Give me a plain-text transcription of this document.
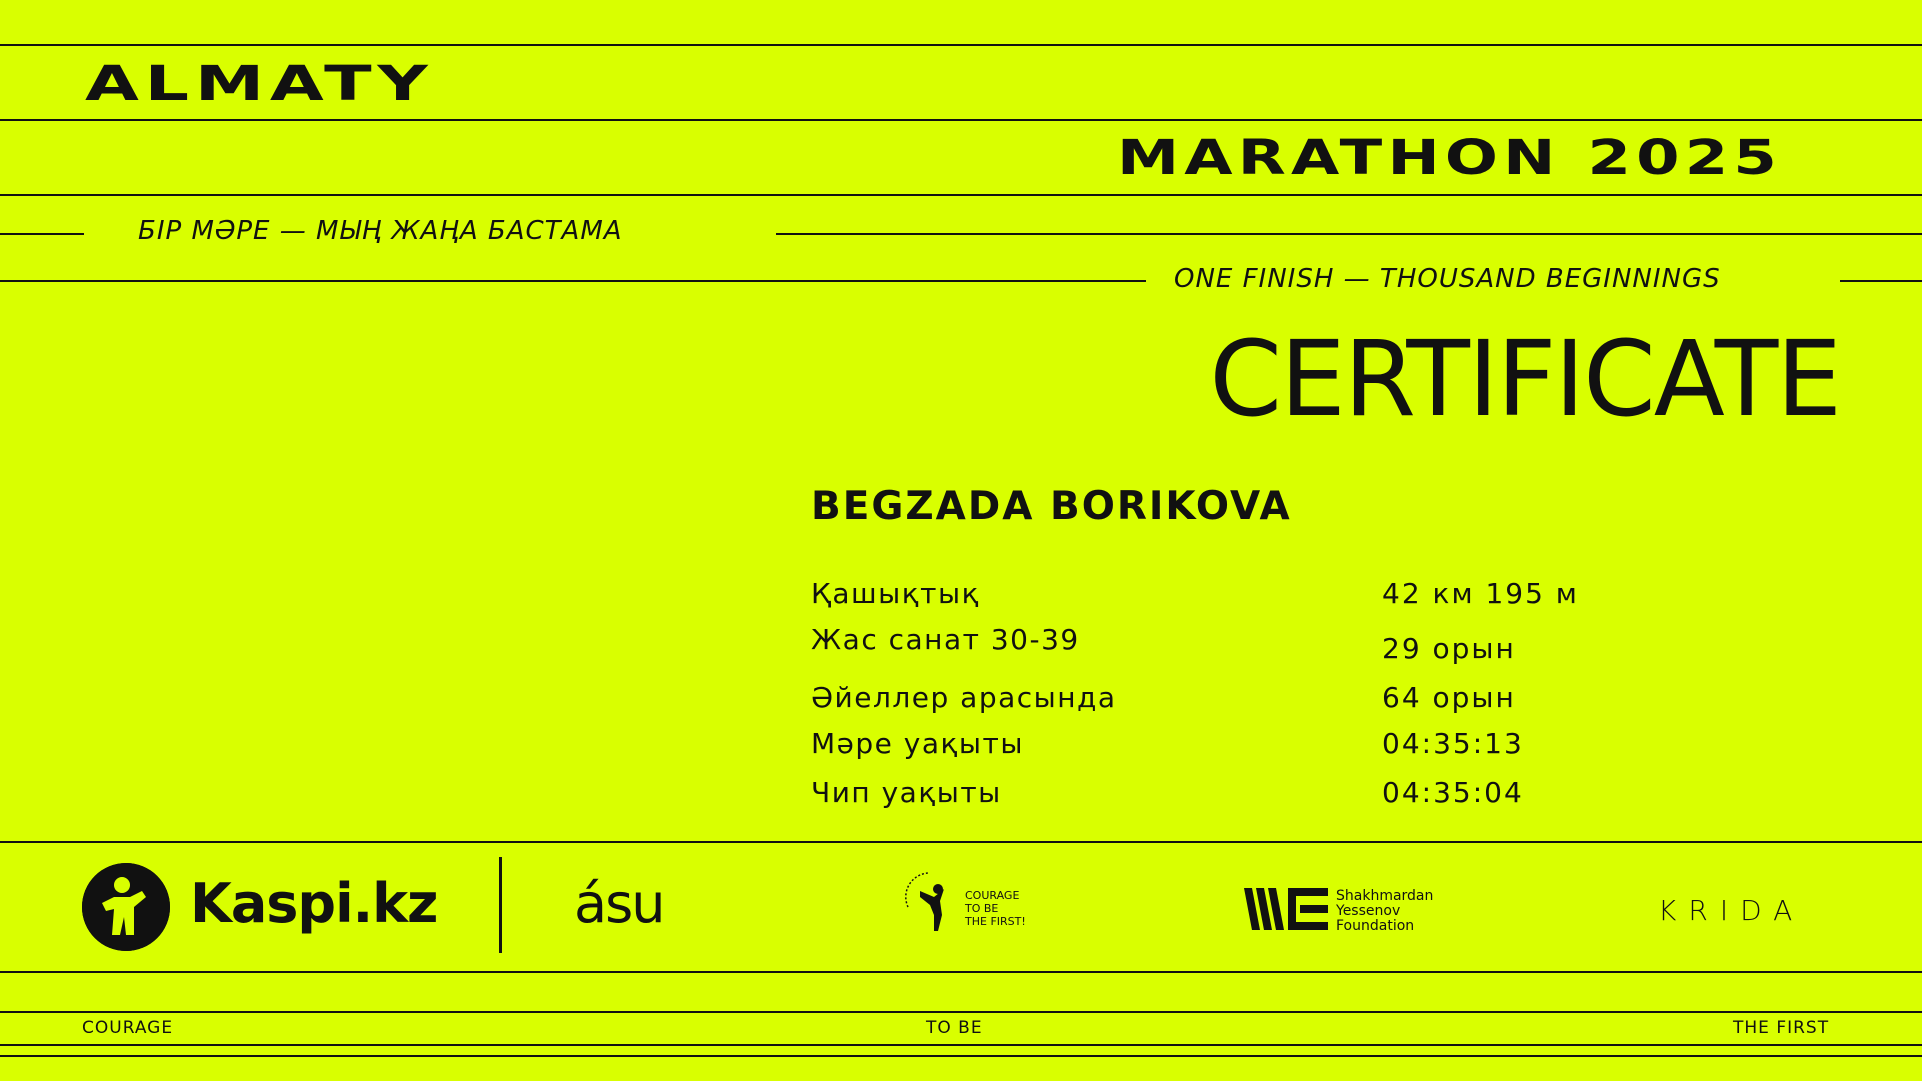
ALMATY
MARATHON 2025
БІР МӘРЕ — МЫҢ ЖАҢА БАСТАМА
ONE FINISH — THOUSAND BEGINNINGS
CERTIFICATE
BEGZADA BORIKOVA
Қашықтық	42 км 195 м
Жас санат 30-39	29 орын
Әйеллер арасында	64 орын
Мәре уақыты	04:35:13
Чип уақыты	04:35:04
Kaspi.kz	ásu	COURAGE
TO BE
THE FIRST!
Shakhmardan
Yessenov
Foundation	KRIDA
COURAGE	TO BE	THE FIRST
